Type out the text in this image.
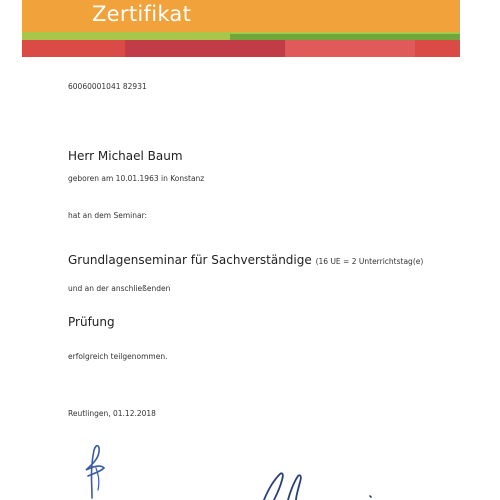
Zertifikat
60060001041 82931
Herr Michael Baum
geboren am 10.01.1963 in Konstanz
hat an dem Seminar:
Grundlagenseminar für Sachverständige (16 UE = 2 Unterrichtstag(e)
und an der anschließenden
Prüfung
erfolgreich teilgenommen.
Reutlingen, 01.12.2018
